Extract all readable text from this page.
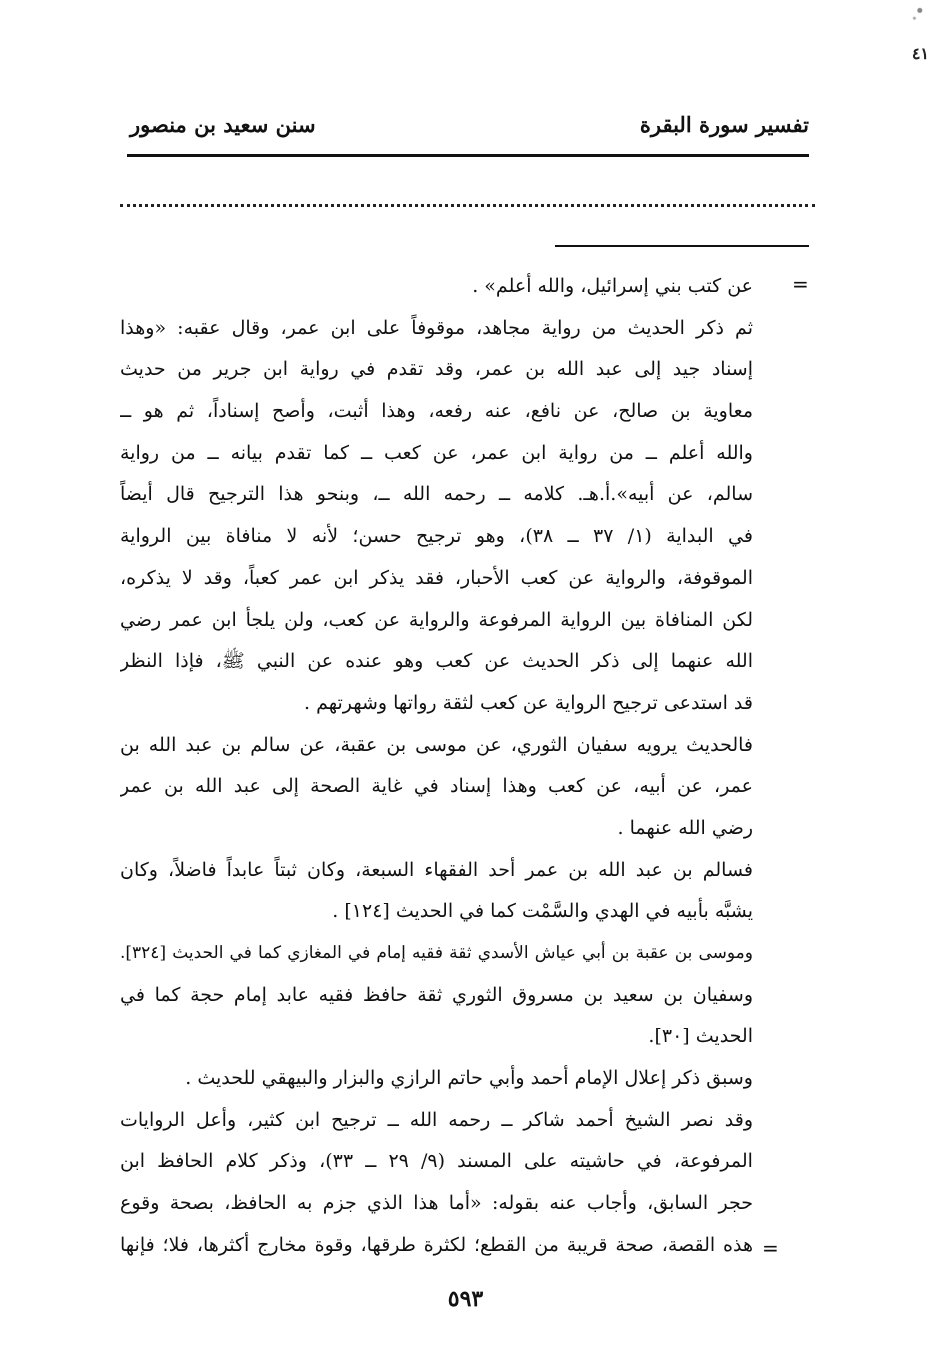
٤١
تفسير سورة البقرة
سنن سعيد بن منصور
=
عن كتب بني إسرائيل، والله أعلم» .
ثم ذكر الحديث من رواية مجاهد، موقوفاً على ابن عمر، وقال عقبه: «وهذا
إسناد جيد إلى عبد الله بن عمر، وقد تقدم في رواية ابن جرير من حديث
معاوية بن صالح، عن نافع، عنه رفعه، وهذا أثبت، وأصح إسناداً، ثم هو ــ
والله أعلم ــ من رواية ابن عمر، عن كعب ــ كما تقدم بيانه ــ من رواية
سالم، عن أبيه».أ.هـ. كلامه ــ رحمه الله ــ، وبنحو هذا الترجيح قال أيضاً
في البداية (١/ ٣٧ ــ ٣٨)، وهو ترجيح حسن؛ لأنه لا منافاة بين الرواية
الموقوفة، والرواية عن كعب الأحبار، فقد يذكر ابن عمر كعباً، وقد لا يذكره،
لكن المنافاة بين الرواية المرفوعة والرواية عن كعب، ولن يلجأ ابن عمر رضي
الله عنهما إلى ذكر الحديث عن كعب وهو عنده عن النبي ﷺ، فإذا النظر
قد استدعى ترجيح الرواية عن كعب لثقة رواتها وشهرتهم .
فالحديث يرويه سفيان الثوري، عن موسى بن عقبة، عن سالم بن عبد الله بن
عمر، عن أبيه، عن كعب وهذا إسناد في غاية الصحة إلى عبد الله بن عمر
رضي الله عنهما .
فسالم بن عبد الله بن عمر أحد الفقهاء السبعة، وكان ثبتاً عابداً فاضلاً، وكان
يشبَّه بأبيه في الهدي والسَّمْت كما في الحديث [١٢٤] .
وموسى بن عقبة بن أبي عياش الأسدي ثقة فقيه إمام في المغازي كما في الحديث [٣٢٤].
وسفيان بن سعيد بن مسروق الثوري ثقة حافظ فقيه عابد إمام حجة كما في
الحديث [٣٠].
وسبق ذكر إعلال الإمام أحمد وأبي حاتم الرازي والبزار والبيهقي للحديث .
وقد نصر الشيخ أحمد شاكر ــ رحمه الله ــ ترجيح ابن كثير، وأعل الروايات
المرفوعة، في حاشيته على المسند (٩/ ٢٩ ــ ٣٣)، وذكر كلام الحافظ ابن
حجر السابق، وأجاب عنه بقوله: «أما هذا الذي جزم به الحافظ، بصحة وقوع
هذه القصة، صحة قريبة من القطع؛ لكثرة طرقها، وقوة مخارج أكثرها، فلا؛ فإنها =
٥٩٣
